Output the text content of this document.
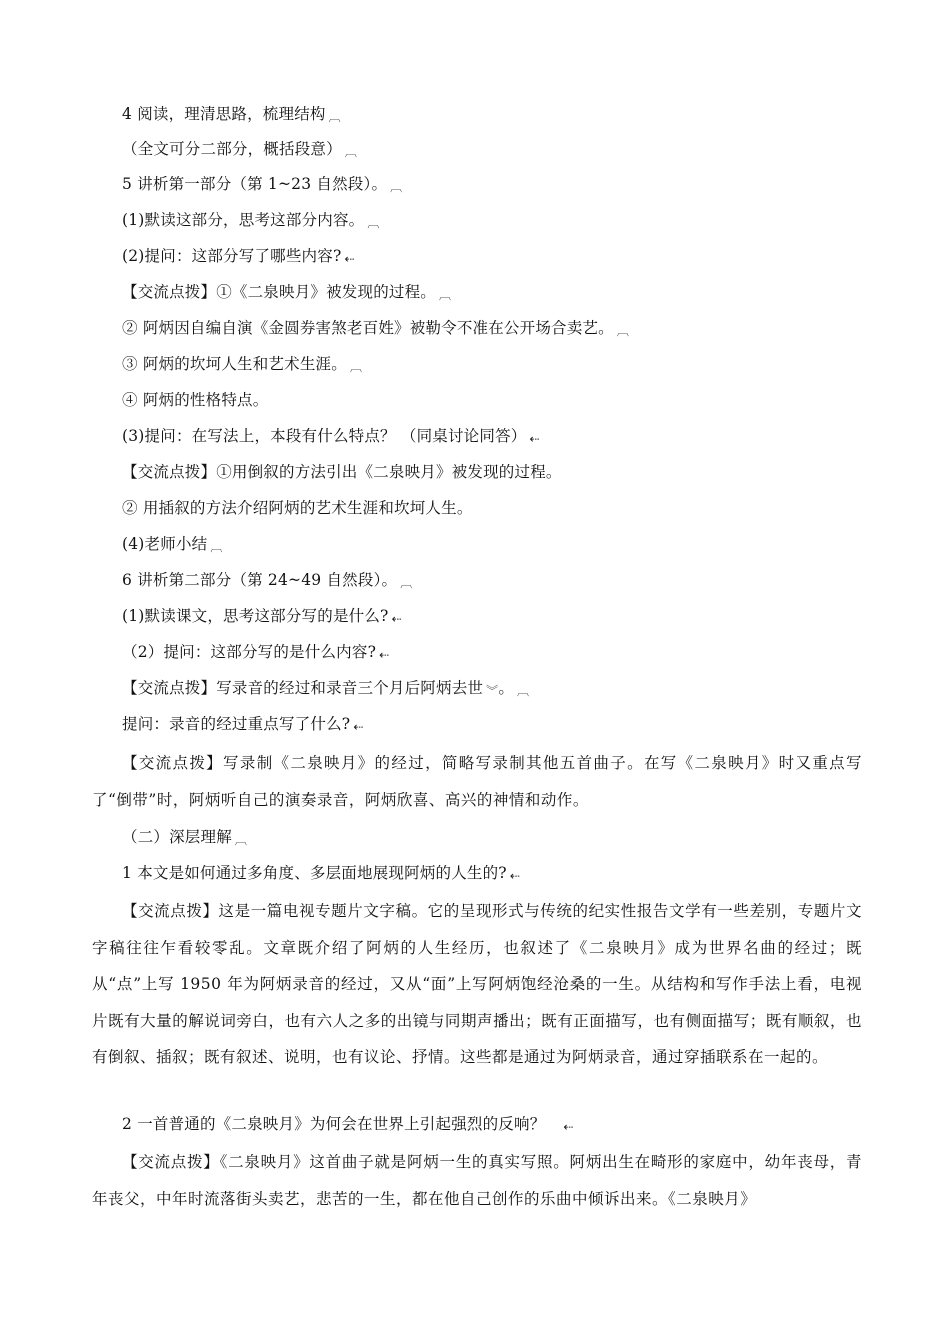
4 阅读，理清思路，梳理结构 ︹
（全文可分二部分，概括段意） ︹
5 讲析第一部分（第 1~23 自然段）。 ︹
(1)默读这部分，思考这部分内容。 ︹
(2)提问：这部分写了哪些内容? ⇠
【交流点拨】①《二泉映月》被发现的过程。 ︹
② 阿炳因自编自演《金圆券害煞老百姓》被勒令不准在公开场合卖艺。 ︹
③ 阿炳的坎坷人生和艺术生涯。 ︹
④ 阿炳的性格特点。
(3)提问：在写法上，本段有什么特点？ （同桌讨论同答） ⇠
【交流点拨】①用倒叙的方法引出《二泉映月》被发现的过程。
② 用插叙的方法介绍阿炳的艺术生涯和坎坷人生。
(4)老师小结 ︹
6 讲析第二部分（第 24~49 自然段）。 ︹
(1)默读课文，思考这部分写的是什么? ⇠
（2）提问：这部分写的是什么内容? ⇠
【交流点拨】写录音的经过和录音三个月后阿炳去世 ︾。 ︹
提问：录音的经过重点写了什么? ⇠
【交流点拨】写录制《二泉映月》的经过，简略写录制其他五首曲子。在写《二泉映月》时又重点写了“倒带”时，阿炳听自己的演奏录音，阿炳欣喜、高兴的神情和动作。
（二）深层理解 ︹
1 本文是如何通过多角度、多层面地展现阿炳的人生的? ⇠
【交流点拨】这是一篇电视专题片文字稿。它的呈现形式与传统的纪实性报告文学有一些差别，专题片文字稿往往乍看较零乱。文章既介绍了阿炳的人生经历，也叙述了《二泉映月》成为世界名曲的经过；既从“点”上写 1950 年为阿炳录音的经过，又从“面”上写阿炳饱经沧桑的一生。从结构和写作手法上看，电视片既有大量的解说词旁白，也有六人之多的出镜与同期声播出；既有正面描写，也有侧面描写；既有顺叙，也有倒叙、插叙；既有叙述、说明，也有议论、抒情。这些都是通过为阿炳录音，通过穿插联系在一起的。
2 一首普通的《二泉映月》为何会在世界上引起强烈的反响？ ⇠
【交流点拨】《二泉映月》这首曲子就是阿炳一生的真实写照。阿炳出生在畸形的家庭中，幼年丧母，青年丧父，中年时流落街头卖艺，悲苦的一生，都在他自己创作的乐曲中倾诉出来。《二泉映月》
